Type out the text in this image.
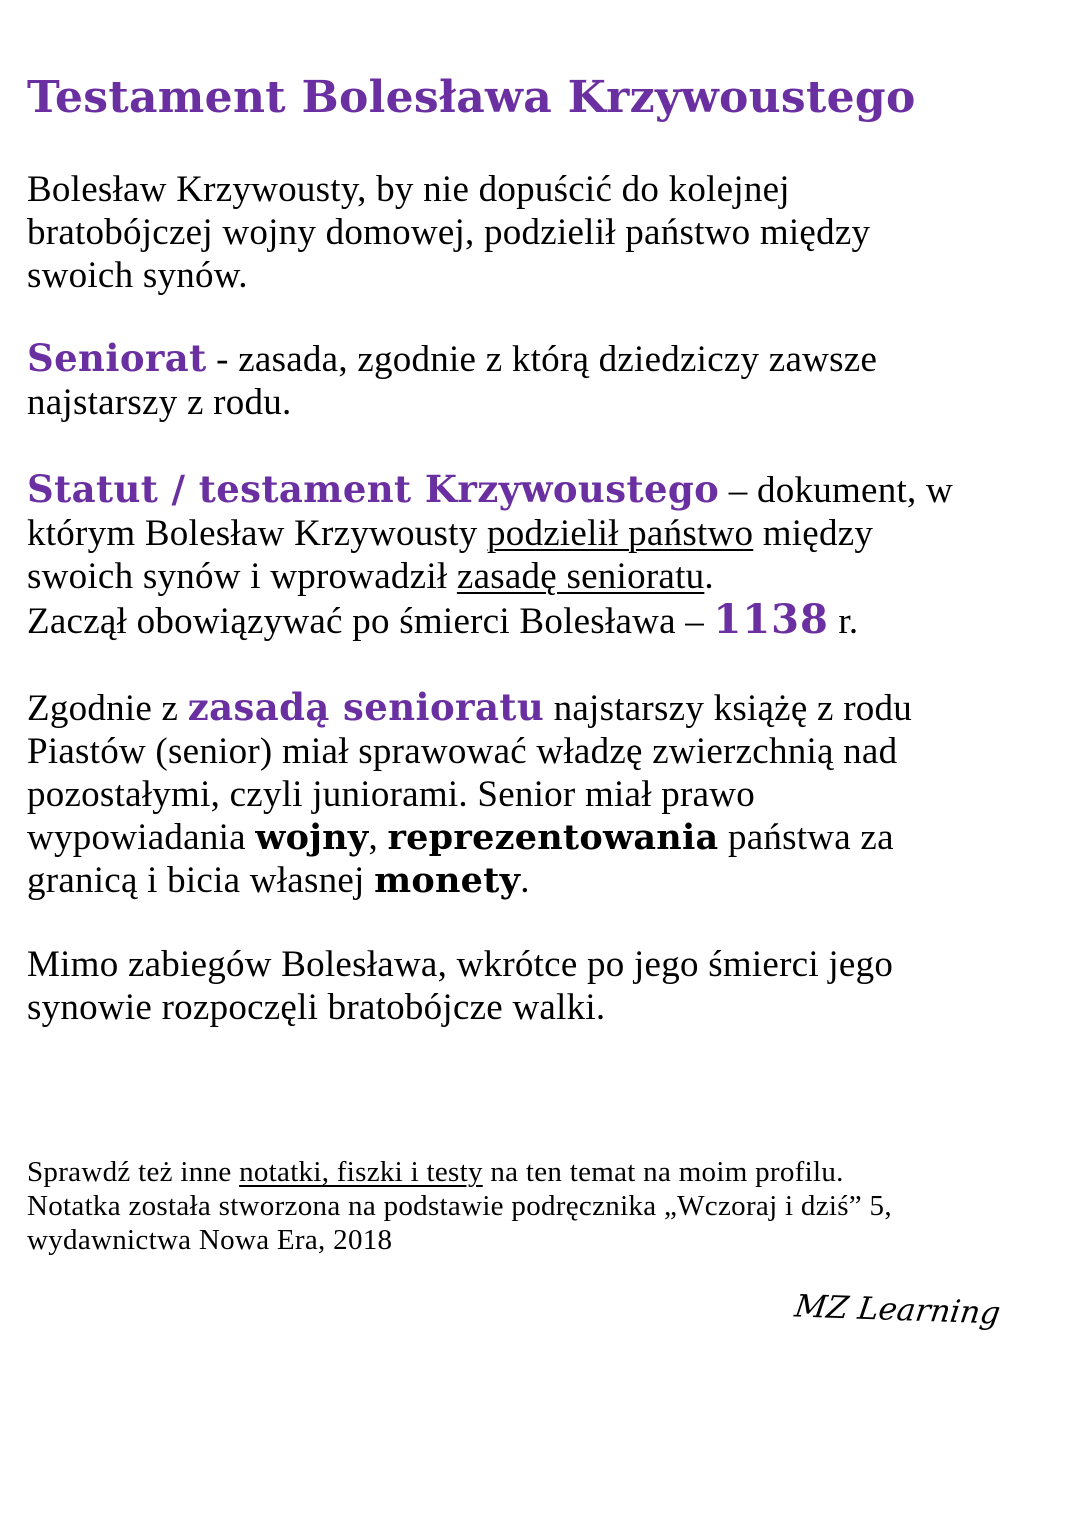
Testament Bolesława Krzywoustego

Bolesław Krzywousty, by nie dopuścić do kolejnej
bratobójczej wojny domowej, podzielił państwo między
swoich synów.

Seniorat - zasada, zgodnie z którą dziedziczy zawsze
najstarszy z rodu.

Statut / testament Krzywoustego – dokument, w
którym Bolesław Krzywousty podzielił państwo między
swoich synów i wprowadził zasadę senioratu.
Zaczął obowiązywać po śmierci Bolesława – 1138 r.

Zgodnie z zasadą senioratu najstarszy książę z rodu
Piastów (senior) miał sprawować władzę zwierzchnią nad
pozostałymi, czyli juniorami. Senior miał prawo
wypowiadania wojny, reprezentowania państwa za
granicą i bicia własnej monety.

Mimo zabiegów Bolesława, wkrótce po jego śmierci jego
synowie rozpoczęli bratobójcze walki.

Sprawdź też inne notatki, fiszki i testy na ten temat na moim profilu.
Notatka została stworzona na podstawie podręcznika „Wczoraj i dziś” 5,
wydawnictwa Nowa Era, 2018

MZ Learning
